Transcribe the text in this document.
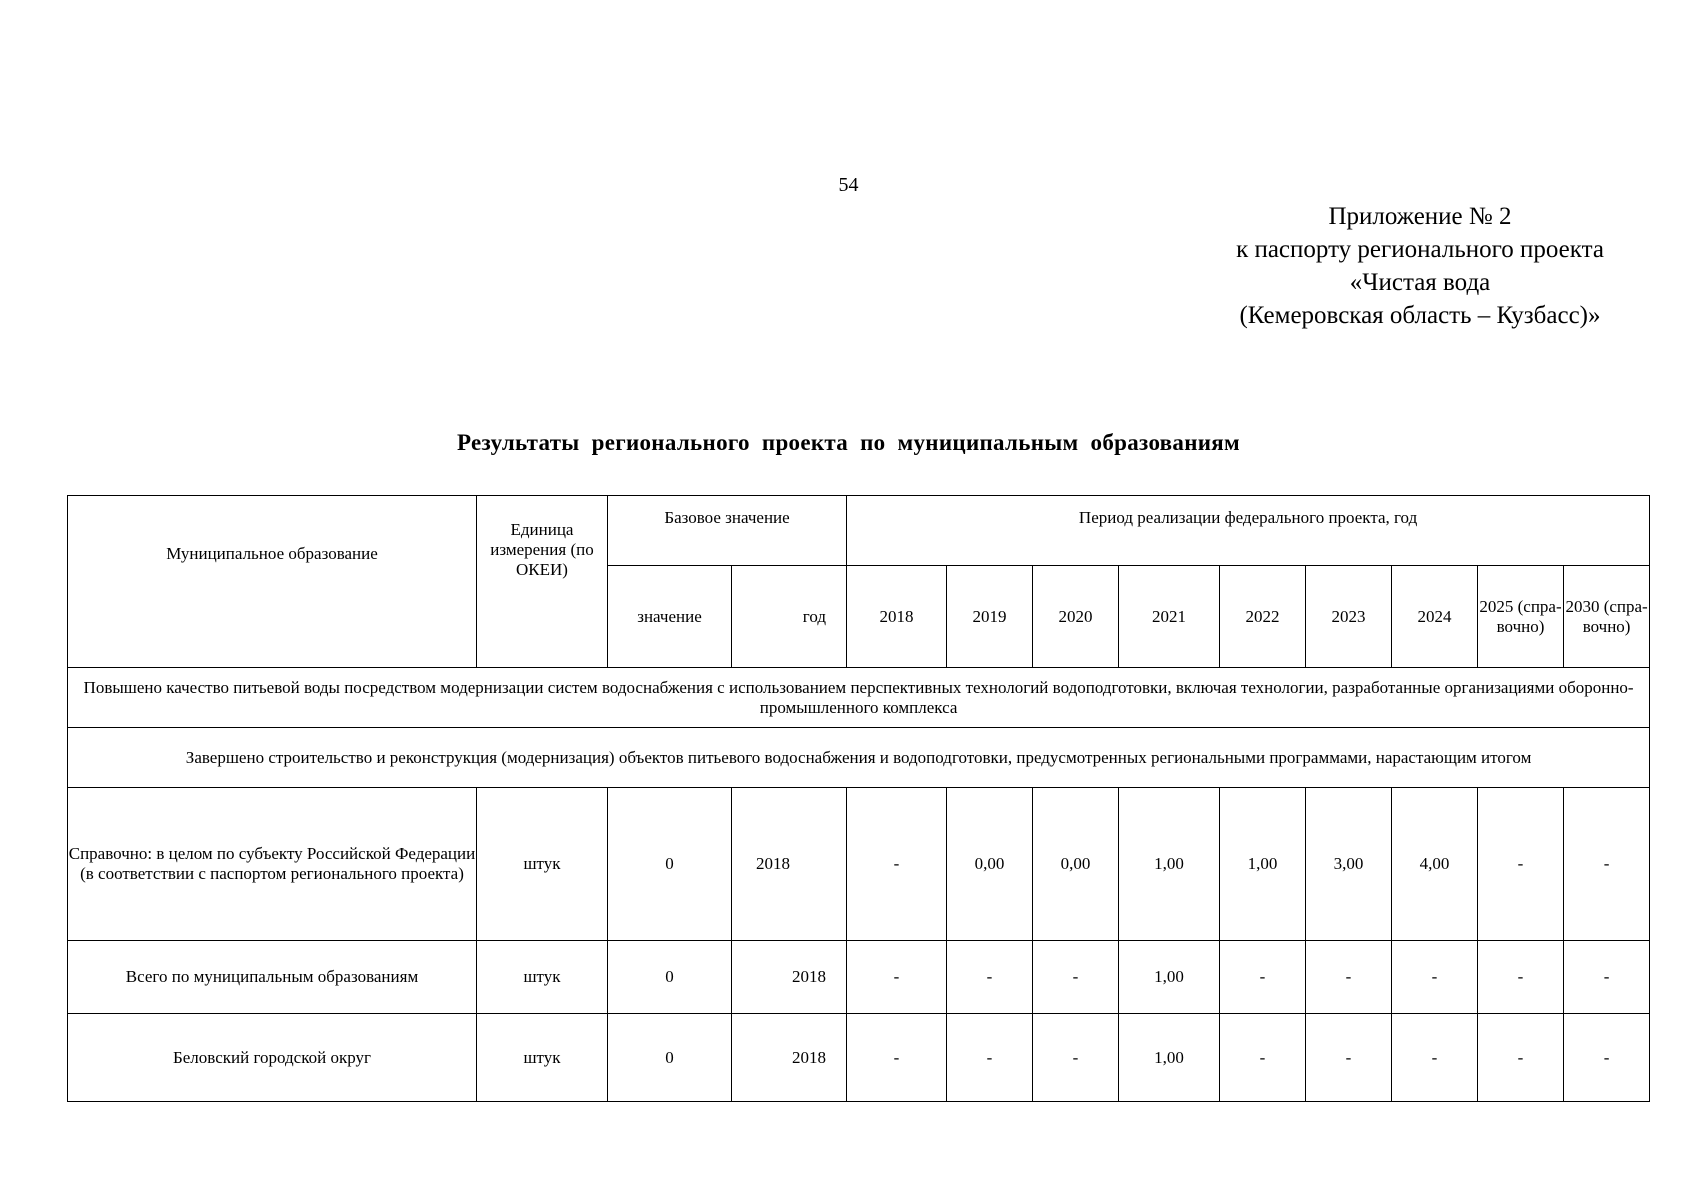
54
Приложение № 2
к паспорту регионального проекта
«Чистая вода
(Кемеровская область – Кузбасс)»
Результаты регионального проекта по муниципальным образованиям
Муниципальное образование	Единица измерения (по ОКЕИ)	Базовое значение		Период реализации федерального проекта, год								
		значение	год	2018	2019	2020	2021	2022	2023	2024	2025 (спра- вочно)	2030 (спра- вочно)
Повышено качество питьевой воды посредством модернизации систем водоснабжения с использованием перспективных технологий водоподготовки, включая технологии, разработанные организациями оборонно-промышленного комплекса												
Завершено строительство и реконструкция (модернизация) объектов питьевого водоснабжения и водоподготовки, предусмотренных региональными программами, нарастающим итогом												
Справочно: в целом по субъекту Российской Федерации (в соответствии с паспортом регионального проекта)	штук	0	2018	-	0,00	0,00	1,00	1,00	3,00	4,00	-	-
Всего по муниципальным образованиям	штук	0	2018	-	-	-	1,00	-	-	-	-	-
Беловский городской округ	штук	0	2018	-	-	-	1,00	-	-	-	-	-
